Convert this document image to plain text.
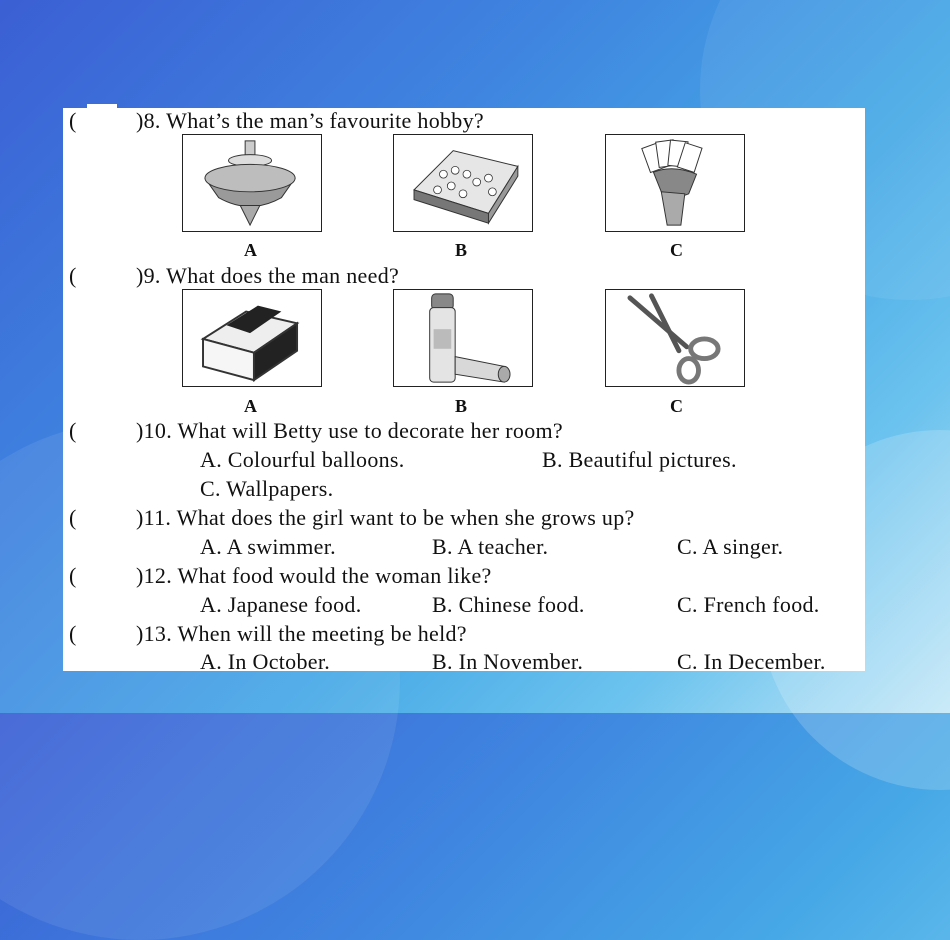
(	)8. What’s the man’s favourite hobby?
A	B	C
(	)9. What does the man need?
A	B	C
(	)10. What will Betty use to decorate her room?
A. Colourful balloons.	B. Beautiful pictures.
C. Wallpapers.
(	)11. What does the girl want to be when she grows up?
A. A swimmer.	B. A teacher.	C. A singer.
(	)12. What food would the woman like?
A. Japanese food.	B. Chinese food.	C. French food.
(	)13. When will the meeting be held?
A. In October.	B. In November.	C. In December.
